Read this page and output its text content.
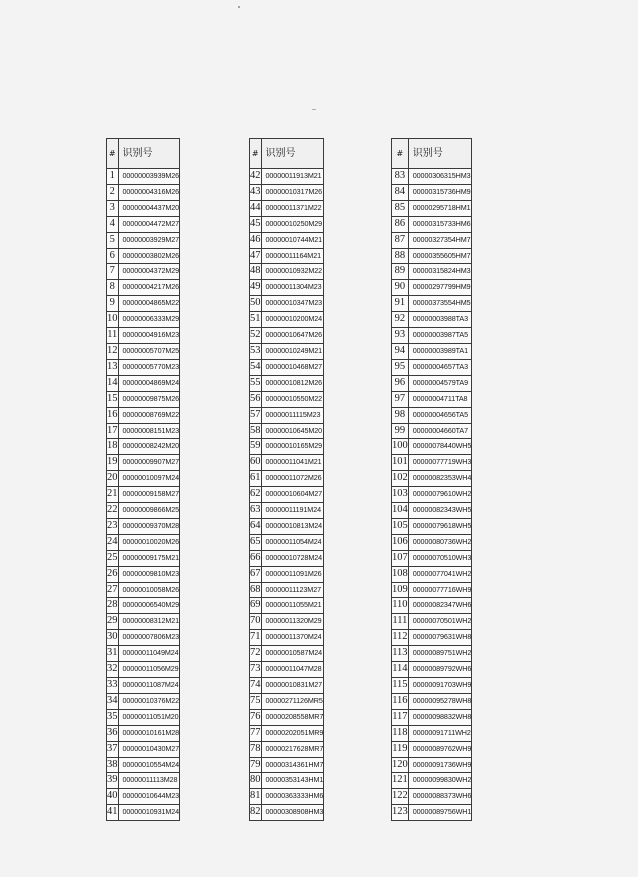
#	识别号
1	00000003939M26
2	00000004316M26
3	00000004437M20
4	00000004472M27
5	00000003929M27
6	00000003802M26
7	00000004372M29
8	00000004217M26
9	00000004865M22
10	00000006333M29
11	00000004916M23
12	00000005707M25
13	00000005770M23
14	00000004869M24
15	00000009875M26
16	00000008769M22
17	00000008151M23
18	00000008242M20
19	00000009907M27
20	00000010097M24
21	00000009158M27
22	00000009866M25
23	00000009370M28
24	00000010020M26
25	00000009175M21
26	00000009810M23
27	00000010058M26
28	00000006540M29
29	00000008312M21
30	00000007806M23
31	00000011049M24
32	00000011056M29
33	00000011087M24
34	00000010376M22
35	00000011051M20
36	00000010161M28
37	00000010430M27
38	00000010554M24
39	00000011113M28
40	00000010644M23
41	00000010931M24
#	识别号
42	00000011913M21
43	00000010317M26
44	00000011371M22
45	00000010250M29
46	00000010744M21
47	00000011164M21
48	00000010932M22
49	00000011304M23
50	00000010347M23
51	00000010200M24
52	00000010647M26
53	00000010249M21
54	00000010468M27
55	00000010812M26
56	00000010550M22
57	00000011115M23
58	00000010645M20
59	00000010165M29
60	00000011041M21
61	00000011072M26
62	00000010604M27
63	00000011191M24
64	00000010813M24
65	00000011054M24
66	00000010728M24
67	00000011091M26
68	00000011123M27
69	00000011055M21
70	00000011320M29
71	00000011370M24
72	00000010587M24
73	00000011047M28
74	00000010831M27
75	00000271126MR5
76	00000208558MR7
77	00000202051MR9
78	00000217628MR7
79	00000314361HM7
80	00000353143HM1
81	00000363333HM6
82	00000308908HM3
#	识别号
83	00000306315HM3
84	00000315736HM9
85	00000295718HM1
86	00000315733HM6
87	00000327354HM7
88	00000355605HM7
89	00000315824HM3
90	00000297799HM9
91	00000373554HM5
92	00000003988TA3
93	00000003987TA5
94	00000003989TA1
95	00000004657TA3
96	00000004579TA9
97	00000004711TA8
98	00000004656TA5
99	00000004660TA7
100	00000078440WH5
101	00000077719WH3
102	00000082353WH4
103	00000079610WH2
104	00000082343WH5
105	00000079618WH5
106	00000080736WH2
107	00000070510WH3
108	00000077041WH2
109	00000077716WH9
110	00000082347WH6
111	00000070501WH2
112	00000079631WH8
113	00000089751WH2
114	00000089792WH6
115	00000091703WH9
116	00000095278WH8
117	00000098832WH8
118	00000091711WH2
119	00000089762WH9
120	00000091736WH9
121	00000099830WH2
122	00000088373WH6
123	00000089756WH1
